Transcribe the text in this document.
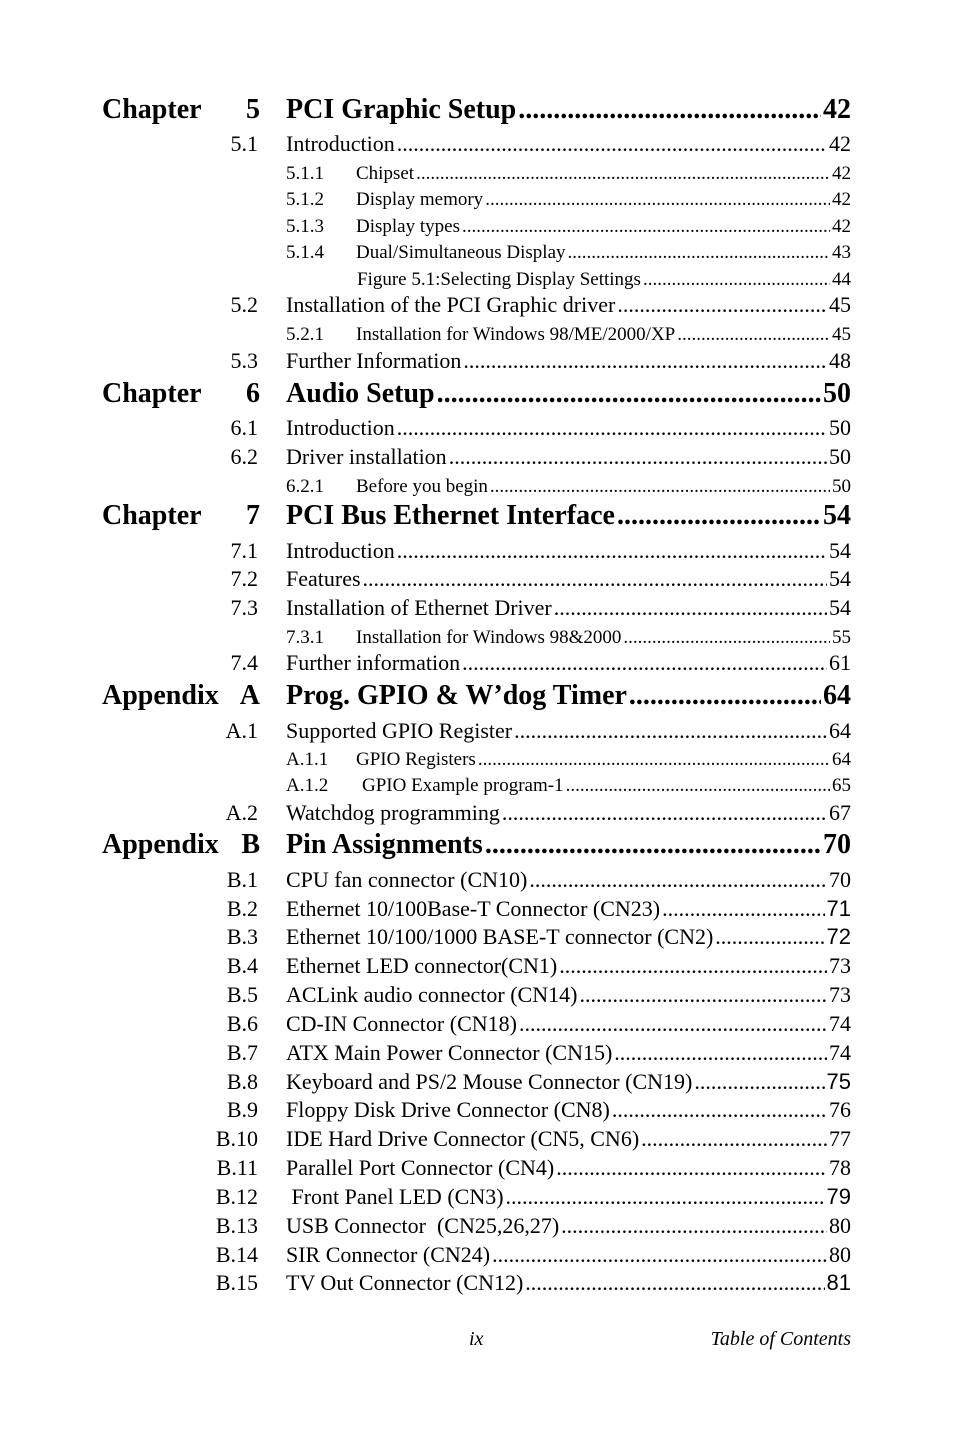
Chapter 5 PCI Graphic Setup .....	42
5.1 Introduction .....	42
5.1.1 Chipset .....	42
5.1.2 Display memory .....	42
5.1.3 Display types .....	42
5.1.4 Dual/Simultaneous Display .....	43
Figure 5.1:Selecting Display Settings .....	44
5.2 Installation of the PCI Graphic driver .....	45
5.2.1 Installation for Windows 98/ME/2000/XP .....	45
5.3 Further Information .....	48
Chapter 6 Audio Setup .....	50
6.1 Introduction .....	50
6.2 Driver installation .....	50
6.2.1 Before you begin .....	50
Chapter 7 PCI Bus Ethernet Interface .....	54
7.1 Introduction .....	54
7.2 Features .....	54
7.3 Installation of Ethernet Driver .....	54
7.3.1 Installation for Windows 98&2000 .....	55
7.4 Further information .....	61
Appendix A Prog. GPIO & W’dog Timer .....	64
A.1 Supported GPIO Register .....	64
A.1.1 GPIO Registers .....	64
A.1.2 GPIO Example program-1 .....	65
A.2 Watchdog programming .....	67
Appendix B Pin Assignments .....	70
B.1 CPU fan connector (CN10) .....	70
B.2 Ethernet 10/100Base-T Connector (CN23) .....	71
B.3 Ethernet 10/100/1000 BASE-T connector (CN2) .....	72
B.4 Ethernet LED connector(CN1) .....	73
B.5 ACLink audio connector (CN14) .....	73
B.6 CD-IN Connector (CN18) .....	74
B.7 ATX Main Power Connector (CN15) .....	74
B.8 Keyboard and PS/2 Mouse Connector (CN19) .....	75
B.9 Floppy Disk Drive Connector (CN8) .....	76
B.10 IDE Hard Drive Connector (CN5, CN6) .....	77
B.11 Parallel Port Connector (CN4) .....	78
B.12 Front Panel LED (CN3) .....	79
B.13 USB Connector  (CN25,26,27) .....	80
B.14 SIR Connector (CN24) .....	80
B.15 TV Out Connector (CN12) .....	81
ix	Table of Contents
